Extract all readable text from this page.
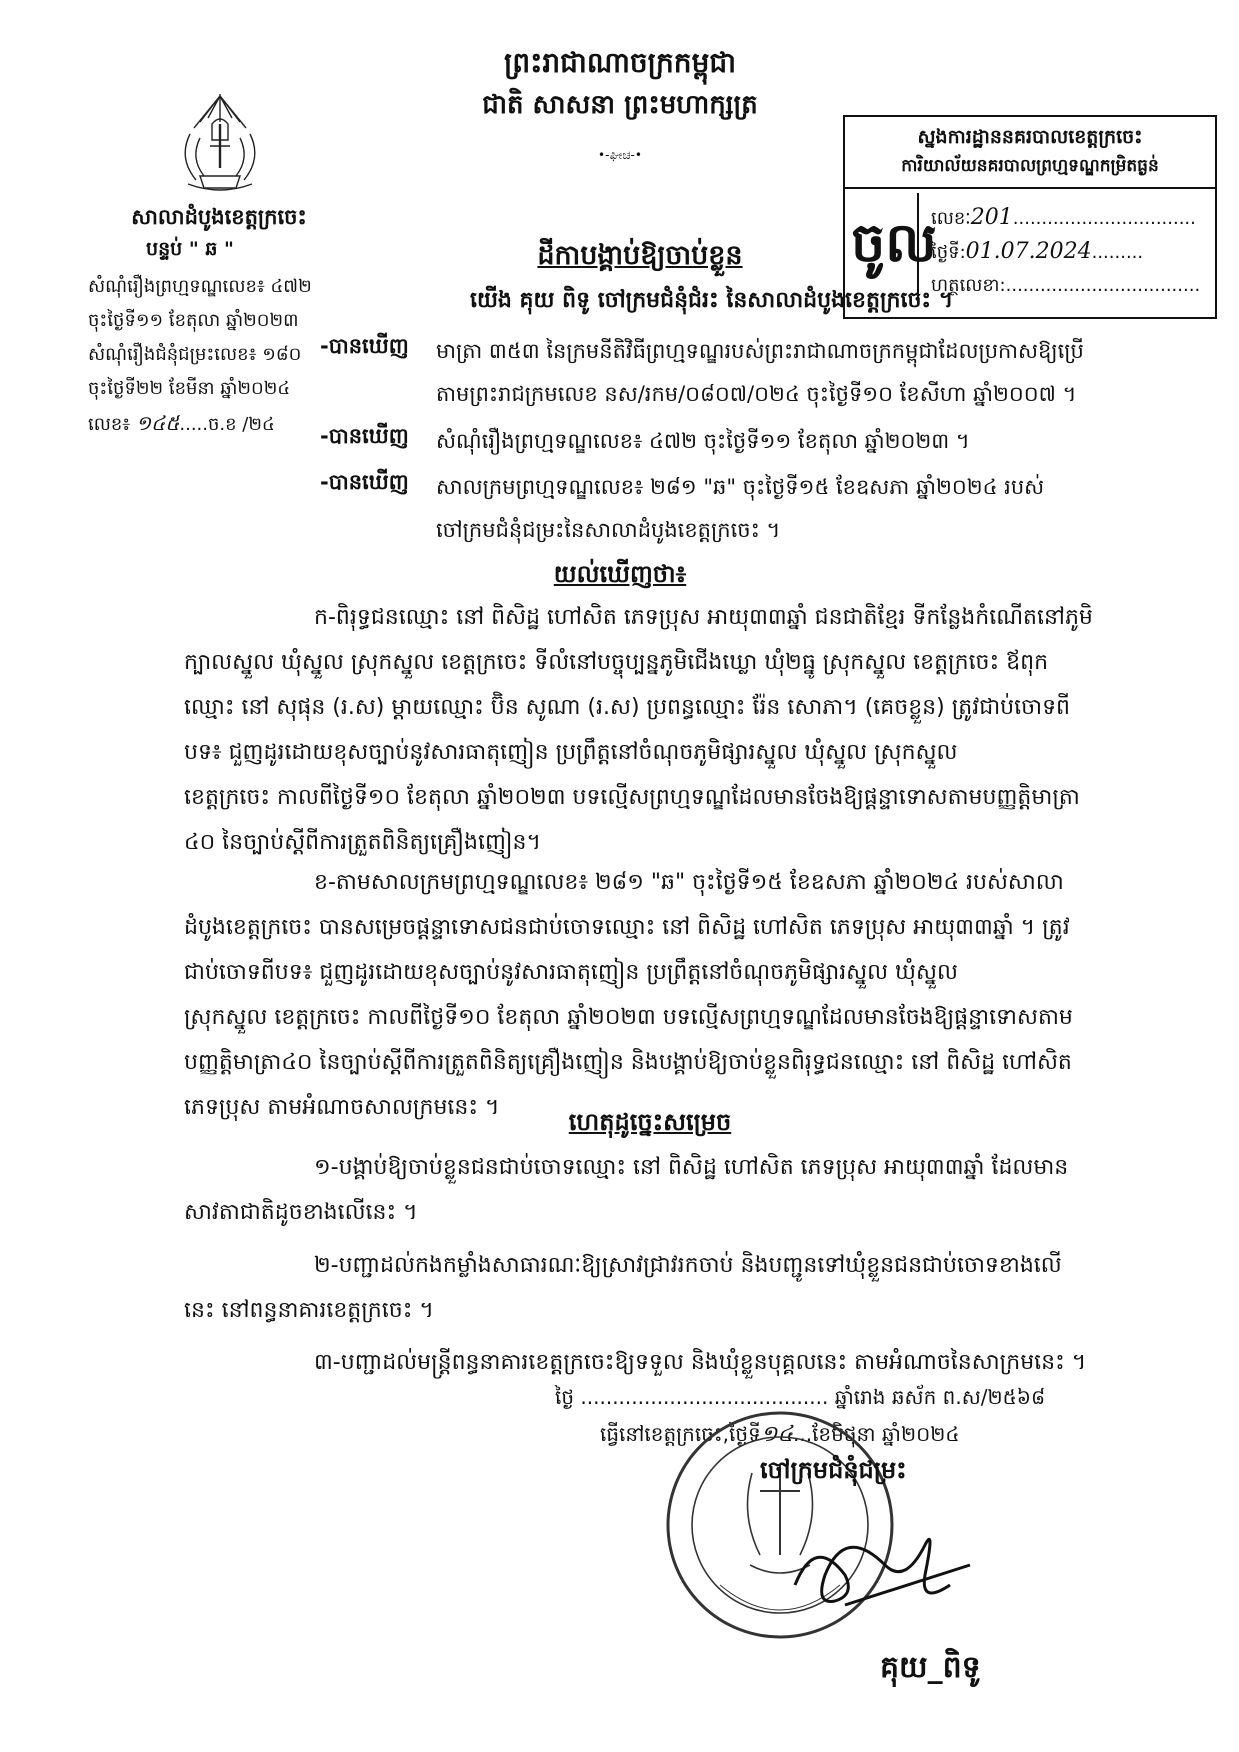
សាលាដំបូងខេត្តក្រចេះ
បន្ទប់ " ឆ "
សំណុំរឿងព្រហ្មទណ្ឌលេខ៖ ៤៧២
ចុះថ្ងៃទី១១ ខែតុលា ឆ្នាំ២០២៣
សំណុំរឿងជំនុំជម្រះលេខ៖ ១៨០
ចុះថ្ងៃទី២២ ខែមីនា ឆ្នាំ២០២៤
លេខ៖ ១៤៥.....ច.ខ /២៤
ព្រះរាជាណាចក្រកម្ពុជា
ជាតិ សាសនា ព្រះមហាក្សត្រ
•-ಘೀಚ-•
ស្នងការដ្ឋាននគរបាលខេត្តក្រចេះ
ការិយាល័យនគរបាលព្រហ្មទណ្ឌកម្រិតធ្ងន់
ចូល
លេខៈ201................................
ថ្ងៃទី:01.07.2024.........
ហត្ថលេខា:..................................
ដីកាបង្គាប់ឱ្យចាប់ខ្លួន
យើង គុយ ពិទូ ចៅក្រមជំនុំជំរះ នៃសាលាដំបូងខេត្តក្រចេះ ។
-បានឃើញ មាត្រា ៣៥៣ នៃក្រមនីតិវិធីព្រហ្មទណ្ឌរបស់ព្រះរាជាណាចក្រកម្ពុជាដែលប្រកាសឱ្យប្រើ
តាមព្រះរាជក្រមលេខ នស/រកម/០៨០៧/០២៤ ចុះថ្ងៃទី១០ ខែសីហា ឆ្នាំ២០០៧ ។
-បានឃើញ សំណុំរឿងព្រហ្មទណ្ឌលេខ៖ ៤៧២ ចុះថ្ងៃទី១១ ខែតុលា ឆ្នាំ២០២៣ ។
-បានឃើញ សាលក្រមព្រហ្មទណ្ឌលេខ៖ ២៨១ "ឆ" ចុះថ្ងៃទី១៥ ខែឧសភា ឆ្នាំ២០២៤ របស់
ចៅក្រមជំនុំជម្រះនៃសាលាដំបូងខេត្តក្រចេះ ។
យល់ឃើញថា៖
ក-ពិរុទ្ធជនឈ្មោះ នៅ ពិសិដ្ឋ ហៅសិត ភេទប្រុស អាយុ៣៣ឆ្នាំ ជនជាតិខ្មែរ ទីកន្លែងកំណើតនៅភូមិ
ក្បាលស្នួល ឃុំស្នួល ស្រុកស្នួល ខេត្តក្រចេះ ទីលំនៅបច្ចុប្បន្នភូមិជើងឃ្លោ ឃុំ២ធ្នូ ស្រុកស្នួល ខេត្តក្រចេះ ឪពុក
ឈ្មោះ នៅ សុផុន (រ.ស) ម្តាយឈ្មោះ ប៊ិន សូណា (រ.ស) ប្រពន្ធឈ្មោះ រ៉ែន សោភា។ (គេចខ្លួន) ត្រូវជាប់ចោទពី
បទ៖ ជួញដូរដោយខុសច្បាប់នូវសារធាតុញៀន ប្រព្រឹត្តនៅចំណុចភូមិផ្សារស្នួល ឃុំស្នួល ស្រុកស្នួល
ខេត្តក្រចេះ កាលពីថ្ងៃទី១០ ខែតុលា ឆ្នាំ២០២៣ បទល្មើសព្រហ្មទណ្ឌដែលមានចែងឱ្យផ្តន្ទាទោសតាមបញ្ញត្តិមាត្រា
៤០ នៃច្បាប់ស្តីពីការត្រួតពិនិត្យគ្រឿងញៀន។
ខ-តាមសាលក្រមព្រហ្មទណ្ឌលេខ៖ ២៨១ "ឆ" ចុះថ្ងៃទី១៥ ខែឧសភា ឆ្នាំ២០២៤ របស់សាលា
ដំបូងខេត្តក្រចេះ បានសម្រេចផ្តន្ទាទោសជនជាប់ចោទឈ្មោះ នៅ ពិសិដ្ឋ ហៅសិត ភេទប្រុស អាយុ៣៣ឆ្នាំ ។ ត្រូវ
ជាប់ចោទពីបទ៖ ជួញដូរដោយខុសច្បាប់នូវសារធាតុញៀន ប្រព្រឹត្តនៅចំណុចភូមិផ្សារស្នួល ឃុំស្នួល
ស្រុកស្នួល ខេត្តក្រចេះ កាលពីថ្ងៃទី១០ ខែតុលា ឆ្នាំ២០២៣ បទល្មើសព្រហ្មទណ្ឌដែលមានចែងឱ្យផ្តន្ទាទោសតាម
បញ្ញត្តិមាត្រា៤០ នៃច្បាប់ស្តីពីការត្រួតពិនិត្យគ្រឿងញៀន និងបង្គាប់ឱ្យចាប់ខ្លួនពិរុទ្ធជនឈ្មោះ នៅ ពិសិដ្ឋ ហៅសិត
ភេទប្រុស តាមអំណាចសាលក្រមនេះ ។
ហេតុដូច្នេះសម្រេច
១-បង្គាប់ឱ្យចាប់ខ្លួនជនជាប់ចោទឈ្មោះ នៅ ពិសិដ្ឋ ហៅសិត ភេទប្រុស អាយុ៣៣ឆ្នាំ ដែលមាន
សាវតាជាតិដូចខាងលើនេះ ។
២-បញ្ជាដល់កងកម្លាំងសាធារណៈឱ្យស្រាវជ្រាវរកចាប់ និងបញ្ជូនទៅឃុំខ្លួនជនជាប់ចោទខាងលើ
នេះ នៅពន្ធនាគារខេត្តក្រចេះ ។
៣-បញ្ជាដល់មន្ត្រីពន្ធនាគារខេត្តក្រចេះឱ្យទទួល និងឃុំខ្លួនបុគ្គលនេះ តាមអំណាចនៃសាក្រមនេះ ។
ថ្ងៃ ....................................... ឆ្នាំរោង ឆស័ក ព.ស/២៥៦៨
ធ្វើនៅខេត្តក្រចេះ,ថ្ងៃទី១៤...ខែមិថុនា ឆ្នាំ២០២៤
ចៅក្រមជំនុំជម្រះ
គុយ_ពិទូ
